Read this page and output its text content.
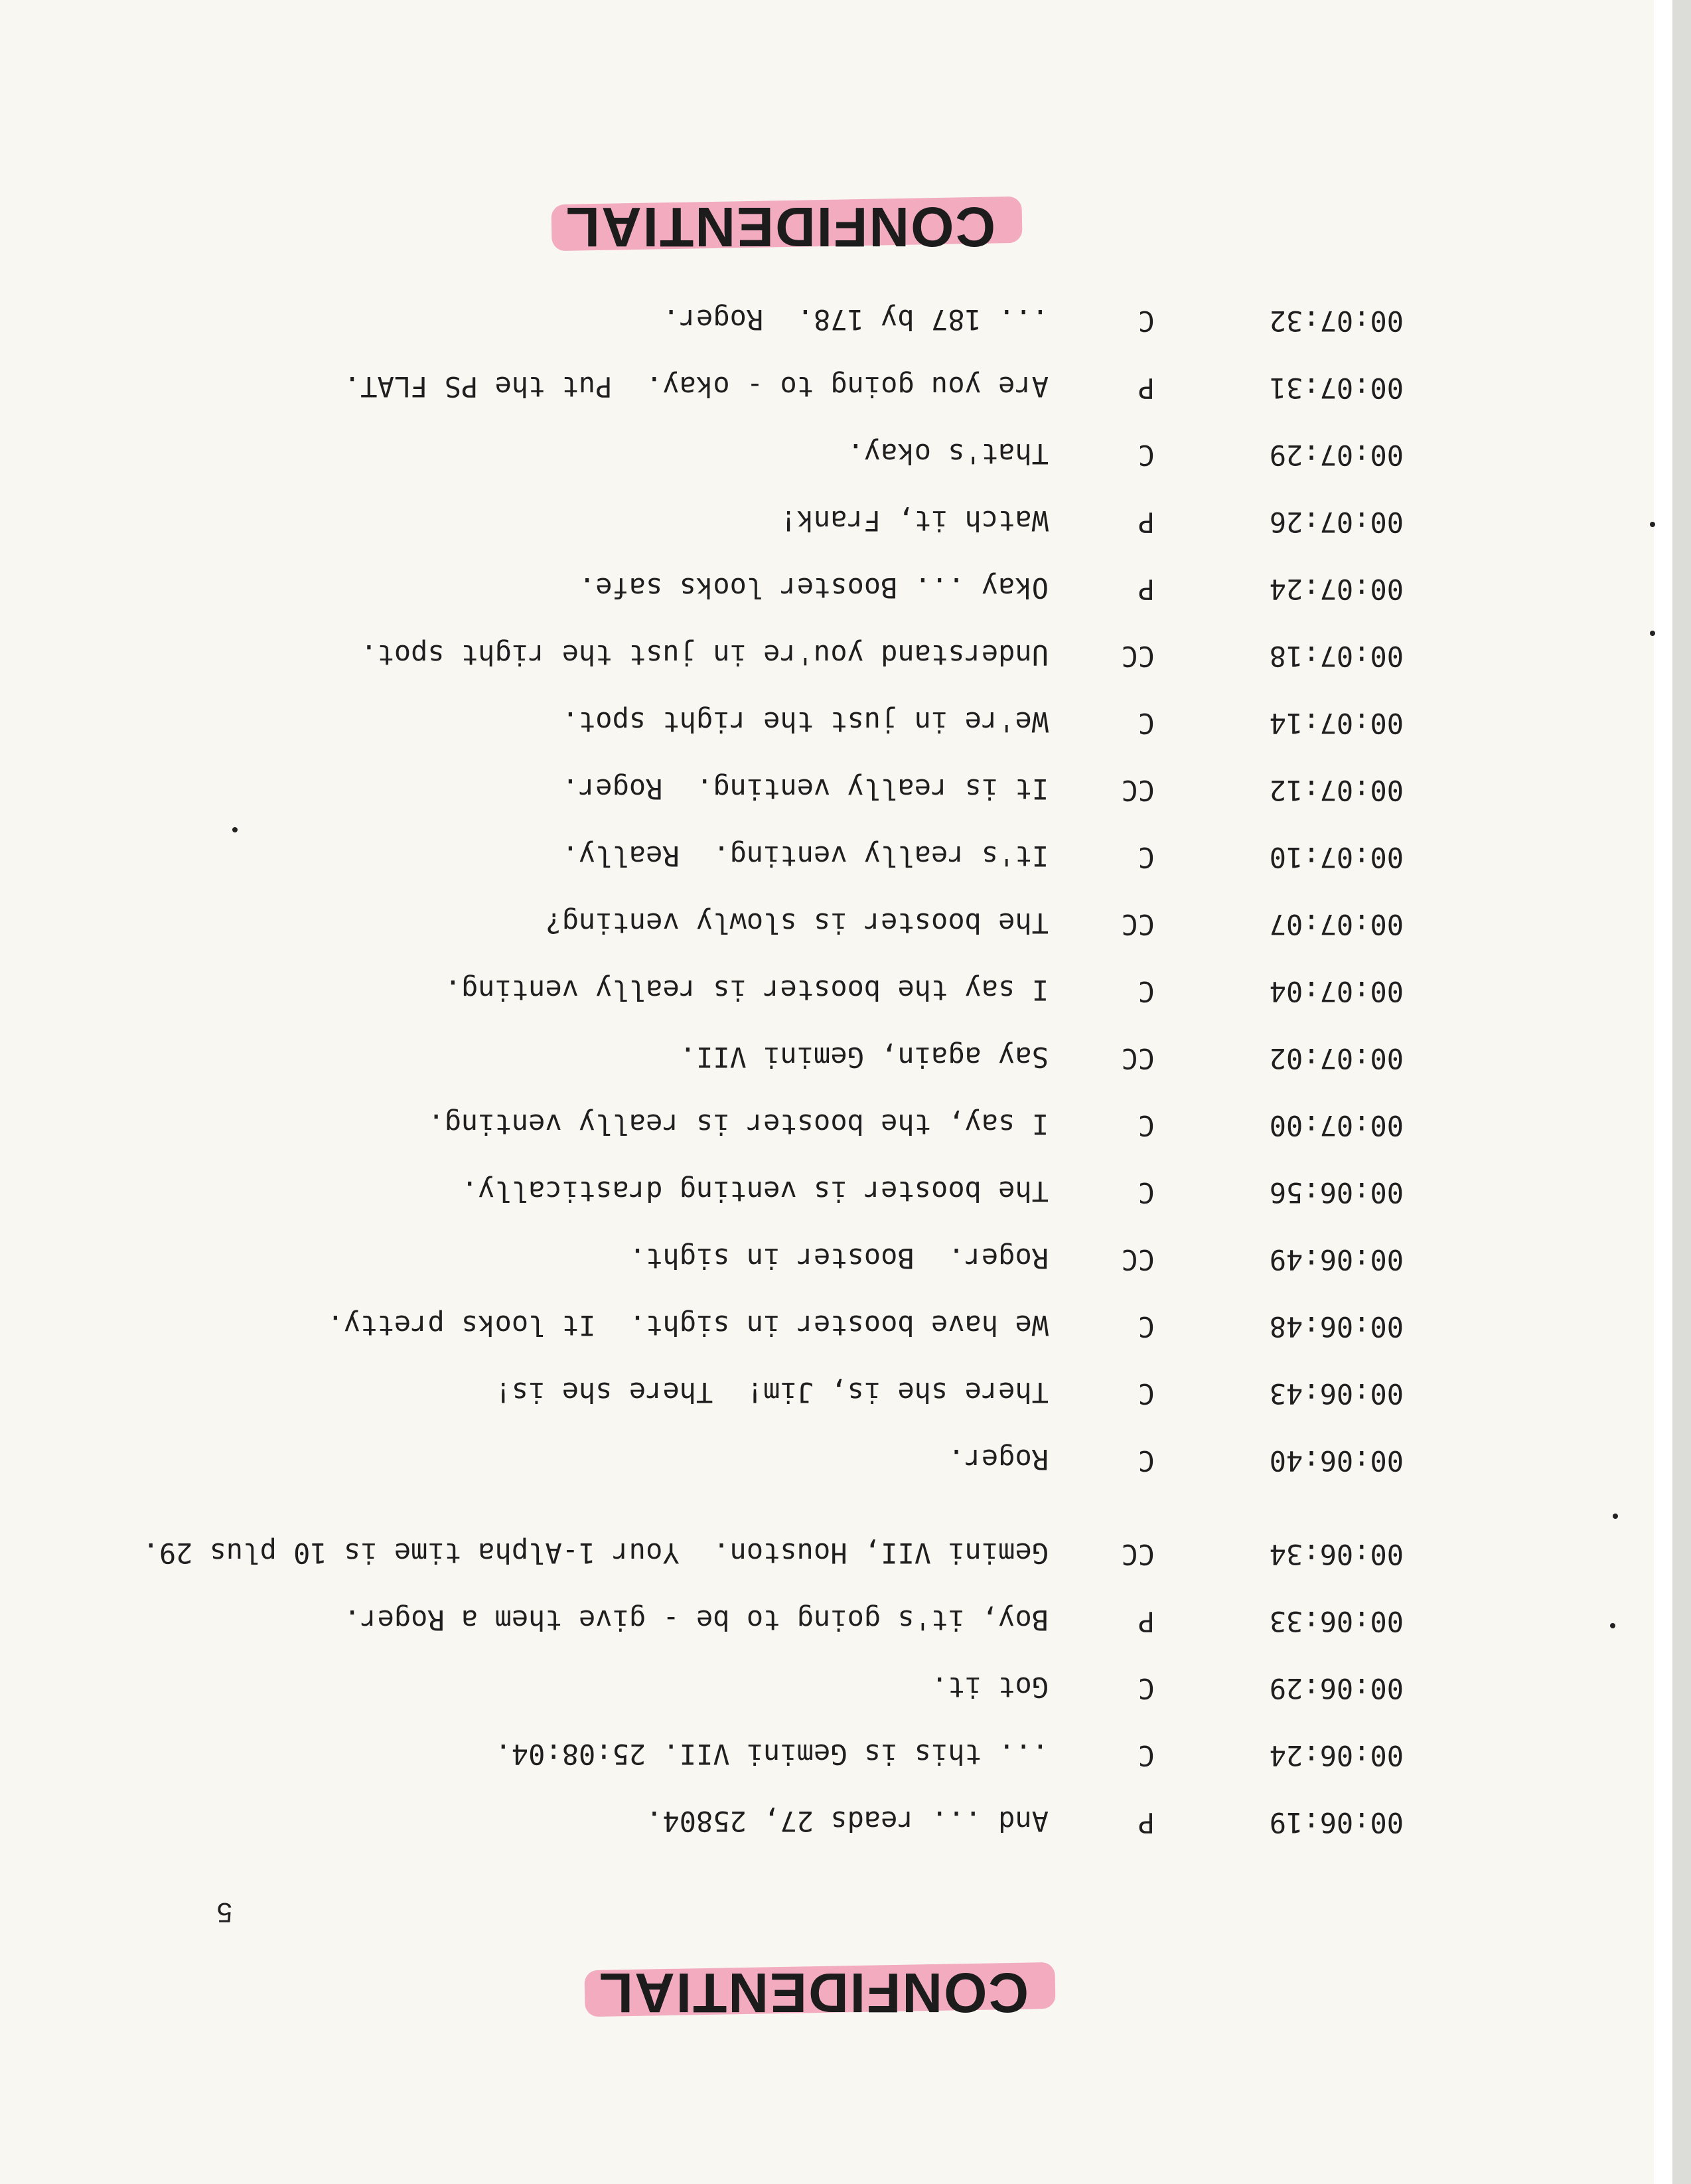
CONFIDENTIAL
5
00:06:19
P
And ... reads 27, 25804.
00:06:24
C
... this is Gemini VII. 25:08:04.
00:06:29
C
Got it.
00:06:33
P
Boy, it's going to be - give them a Roger.
00:06:34
CC
Gemini VII, Houston.  Your 1-Alpha time is 10 plus 29.
00:06:40
C
Roger.
00:06:43
C
There she is, Jim!  There she is!
00:06:48
C
We have booster in sight.  It looks pretty.
00:06:49
CC
Roger.  Booster in sight.
00:06:56
C
The booster is venting drastically.
00:07:00
C
I say, the booster is really venting.
00:07:02
CC
Say again, Gemini VII.
00:07:04
C
I say the booster is really venting.
00:07:07
CC
The booster is slowly venting?
00:07:10
C
It's really venting.  Really.
00:07:12
CC
It is really venting.  Roger.
00:07:14
C
We're in just the right spot.
00:07:18
CC
Understand you're in just the right spot.
00:07:24
P
Okay ... Booster looks safe.
00:07:26
P
Watch it, Frank!
00:07:29
C
That's okay.
00:07:31
P
Are you going to - okay.  Put the PS FLAT.
00:07:32
C
... 187 by 178.  Roger.
CONFIDENTIAL
